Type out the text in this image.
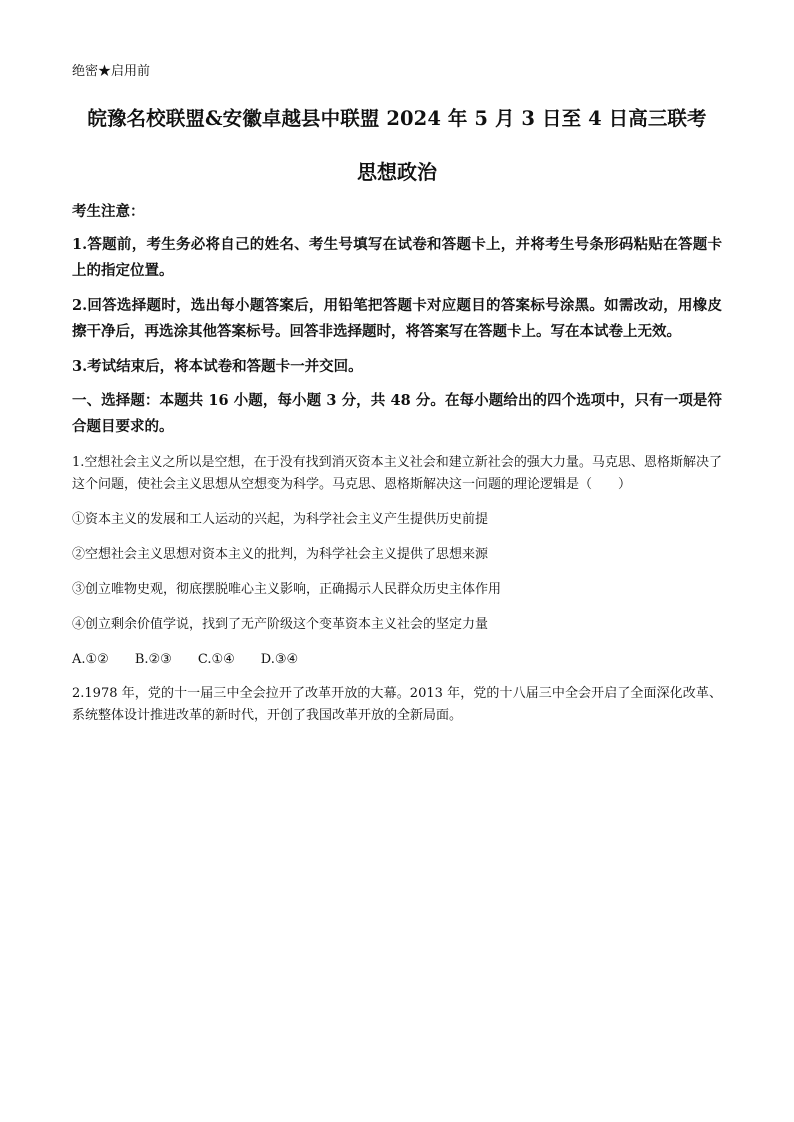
绝密★启用前

皖豫名校联盟&安徽卓越县中联盟 2024 年 5 月 3 日至 4 日高三联考
思想政治

考生注意：

1.答题前，考生务必将自己的姓名、考生号填写在试卷和答题卡上，并将考生号条形码粘贴在答题卡上的指定位置。

2.回答选择题时，选出每小题答案后，用铅笔把答题卡对应题目的答案标号涂黑。如需改动，用橡皮擦干净后，再选涂其他答案标号。回答非选择题时，将答案写在答题卡上。写在本试卷上无效。

3.考试结束后，将本试卷和答题卡一并交回。

一、选择题：本题共 16 小题，每小题 3 分，共 48 分。在每小题给出的四个选项中，只有一项是符合题目要求的。

1.空想社会主义之所以是空想，在于没有找到消灭资本主义社会和建立新社会的强大力量。马克思、恩格斯解决了这个问题，使社会主义思想从空想变为科学。马克思、恩格斯解决这一问题的理论逻辑是（　　）

①资本主义的发展和工人运动的兴起，为科学社会主义产生提供历史前提

②空想社会主义思想对资本主义的批判，为科学社会主义提供了思想来源

③创立唯物史观，彻底摆脱唯心主义影响，正确揭示人民群众历史主体作用

④创立剩余价值学说，找到了无产阶级这个变革资本主义社会的坚定力量

A.①② B.②③ C.①④ D.③④

2.1978 年，党的十一届三中全会拉开了改革开放的大幕。2013 年，党的十八届三中全会开启了全面深化改革、系统整体设计推进改革的新时代，开创了我国改革开放的全新局面。
